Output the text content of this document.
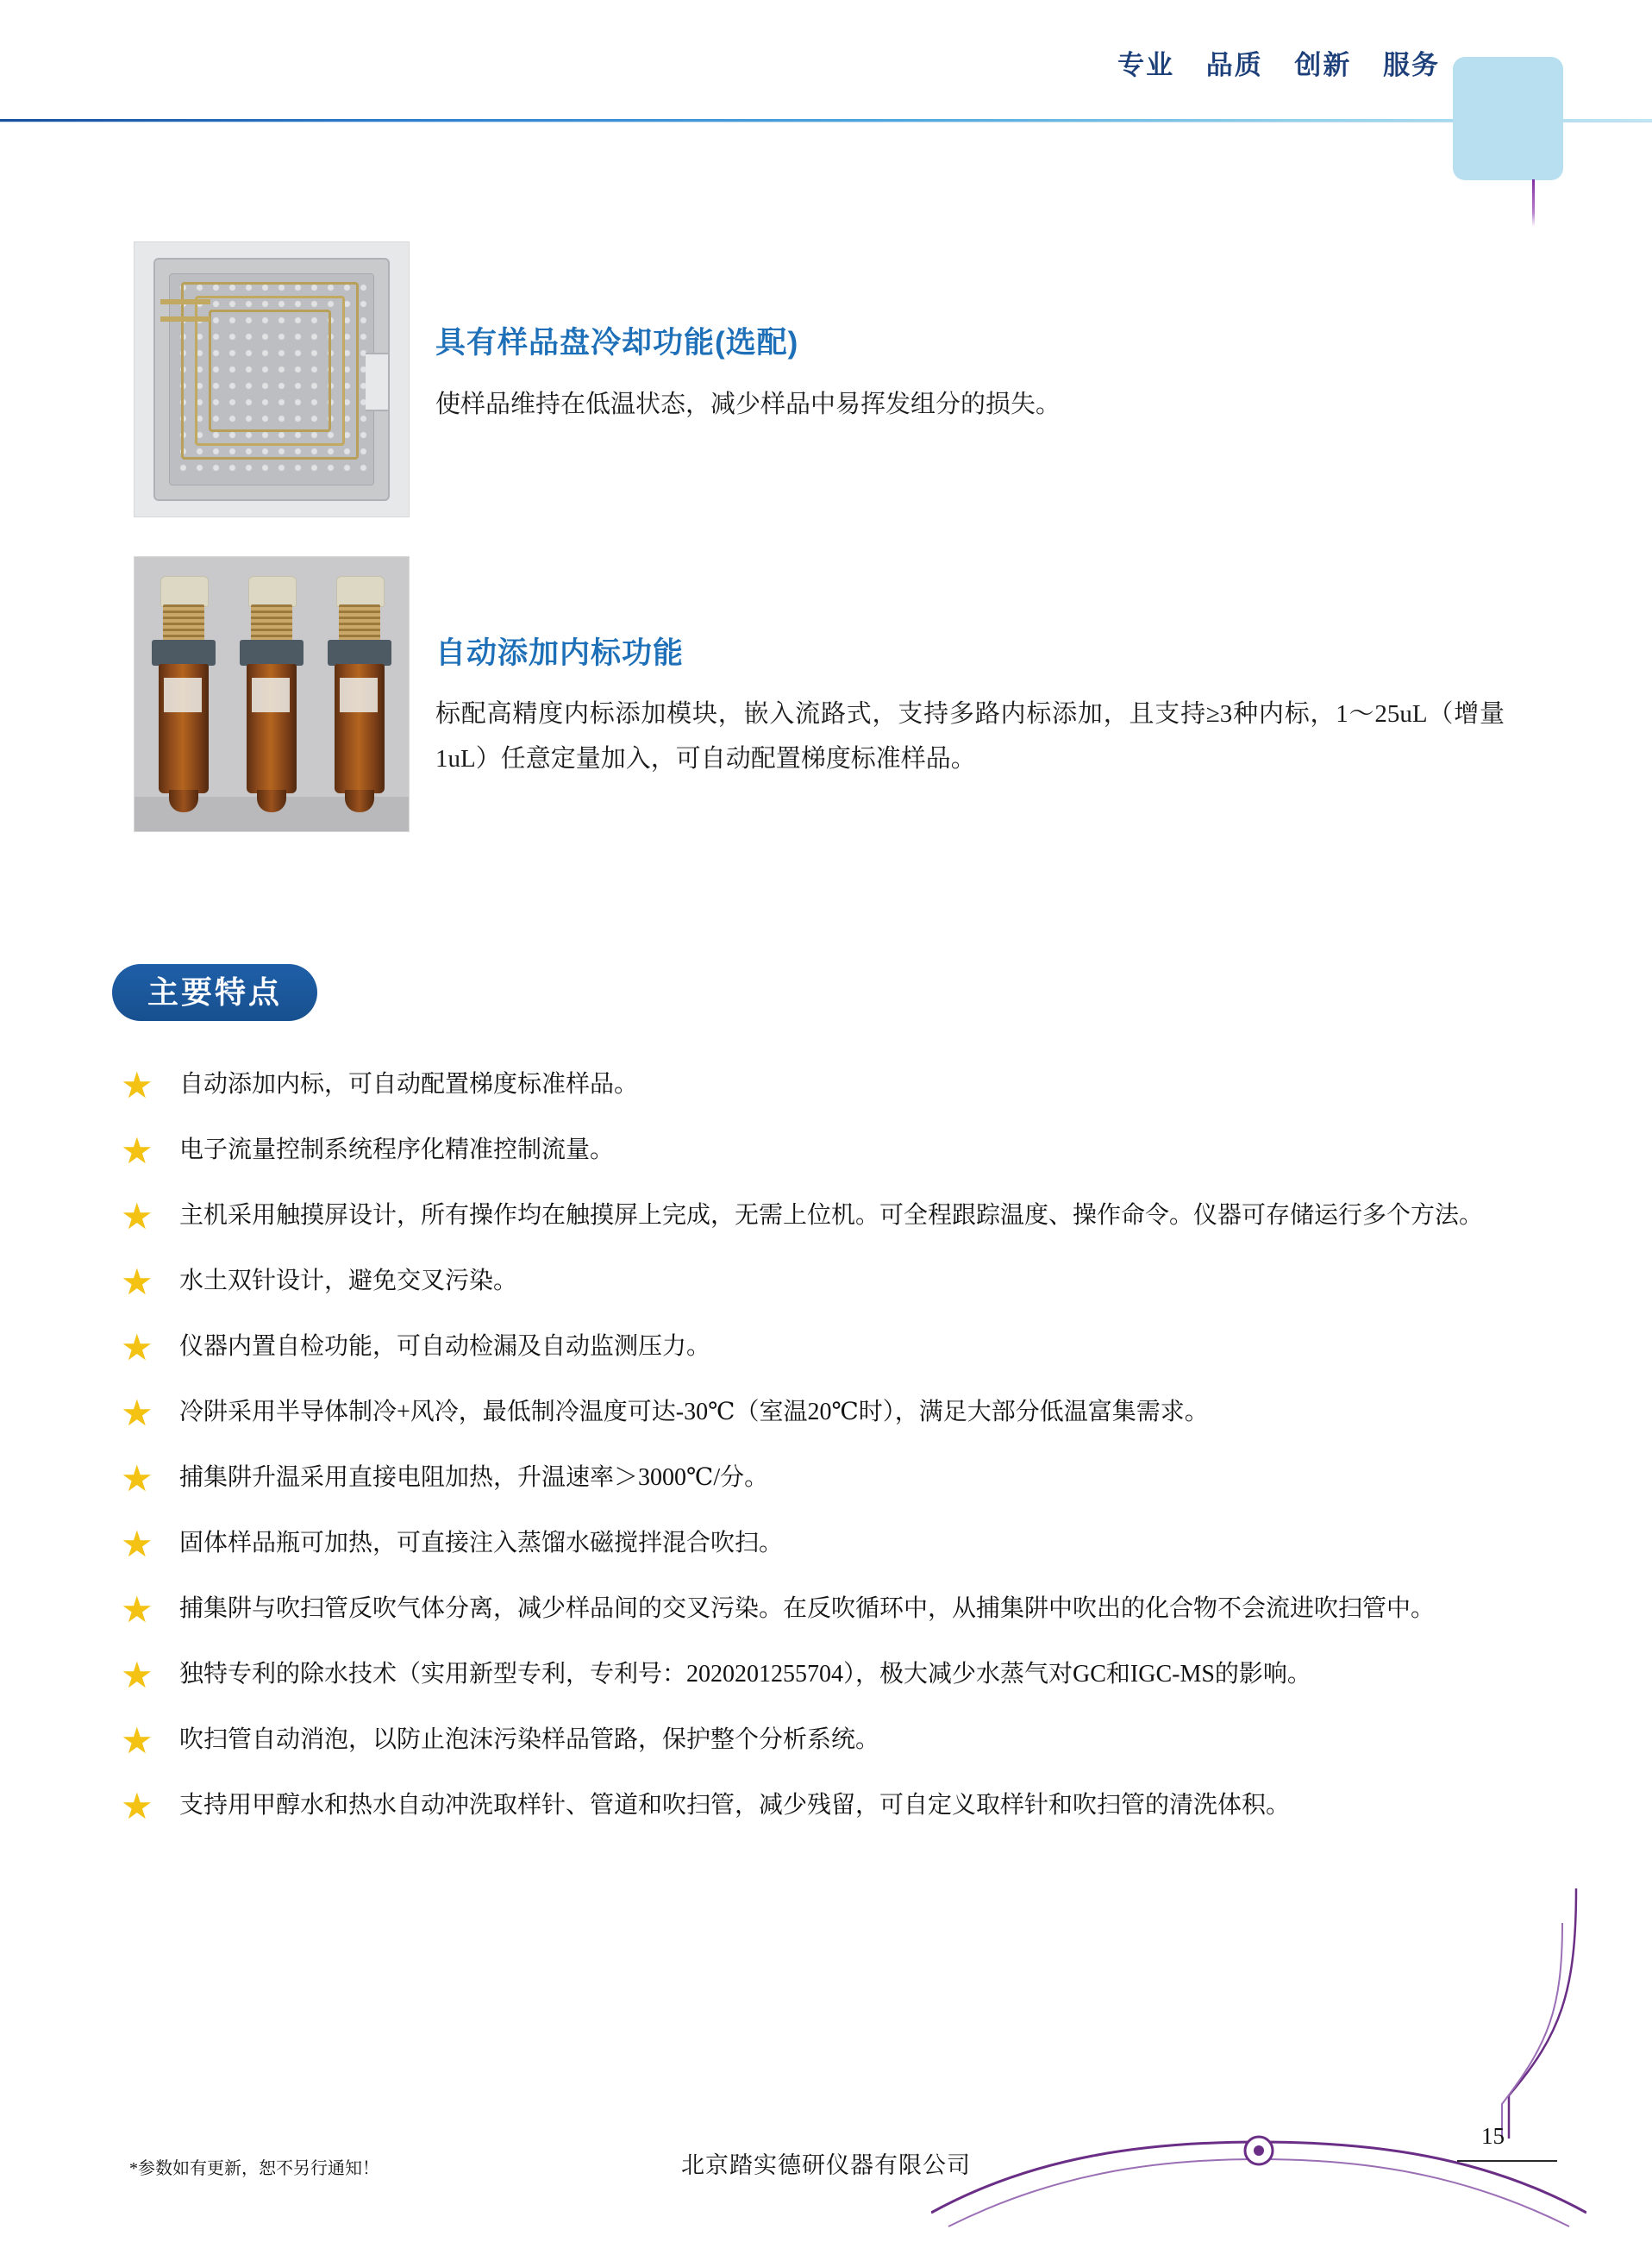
专业 品质 创新 服务
具有样品盘冷却功能(选配)
使样品维持在低温状态，减少样品中易挥发组分的损失。
自动添加内标功能
标配高精度内标添加模块，嵌入流路式，支持多路内标添加，且支持≥3种内标，1～25uL（增量1uL）任意定量加入，可自动配置梯度标准样品。
主要特点
★ 自动添加内标，可自动配置梯度标准样品。
★ 电子流量控制系统程序化精准控制流量。
★ 主机采用触摸屏设计，所有操作均在触摸屏上完成，无需上位机。可全程跟踪温度、操作命令。仪器可存储运行多个方法。
★ 水土双针设计，避免交叉污染。
★ 仪器内置自检功能，可自动检漏及自动监测压力。
★ 冷阱采用半导体制冷+风冷，最低制冷温度可达-30℃（室温20℃时），满足大部分低温富集需求。
★ 捕集阱升温采用直接电阻加热，升温速率＞3000℃/分。
★ 固体样品瓶可加热，可直接注入蒸馏水磁搅拌混合吹扫。
★ 捕集阱与吹扫管反吹气体分离，减少样品间的交叉污染。在反吹循环中，从捕集阱中吹出的化合物不会流进吹扫管中。
★ 独特专利的除水技术（实用新型专利，专利号：2020201255704），极大减少水蒸气对GC和IGC-MS的影响。
★ 吹扫管自动消泡，以防止泡沫污染样品管路，保护整个分析系统。
★ 支持用甲醇水和热水自动冲洗取样针、管道和吹扫管，减少残留，可自定义取样针和吹扫管的清洗体积。
*参数如有更新，恕不另行通知！	北京踏实德研仪器有限公司
15
